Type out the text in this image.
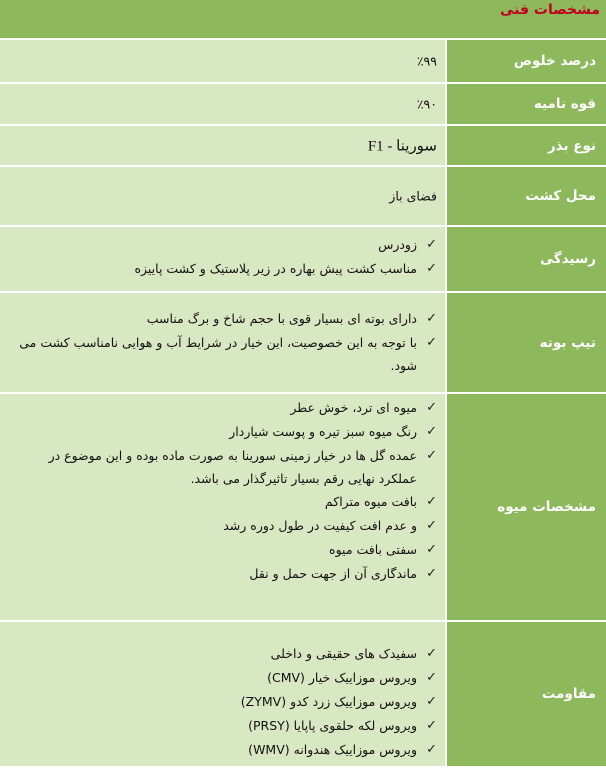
مشخصات فنی
درصد خلوص
٪۹۹
قوه نامیه
٪۹۰
نوع بذر
سورینا - F1
محل کشت
فضای باز
رسیدگی
✓
زودرس
✓
مناسب کشت پیش بهاره در زیر پلاستیک و کشت پاییزه
تیپ بوته
✓
دارای بوته ای بسیار قوی با حجم شاخ و برگ مناسب
✓
با توجه به این خصوصیت، این خیار در شرایط آب و هوایی نامناسب کشت می شود.
مشخصات میوه
✓
میوه ای ترد، خوش عطر
✓
رنگ میوه سبز تیره و پوست شیاردار
✓
عمده گل ها در خیار زمینی سورینا به صورت ماده بوده و این موضوع در عملکرد نهایی رقم بسیار تاثیرگذار می باشد.
✓
بافت میوه متراکم
✓
و عدم افت کیفیت در طول دوره رشد
✓
سفتی بافت میوه
✓
ماندگاری آن از جهت حمل و نقل
مقاومت
✓
سفیدک های حقیقی و داخلی
✓
ویروس موزاییک خیار (CMV)
✓
ویروس موزاییک زرد کدو (ZYMV)
✓
ویروس لکه حلقوی پاپایا (PRSY)
✓
ویروس موزاییک هندوانه (WMV)
